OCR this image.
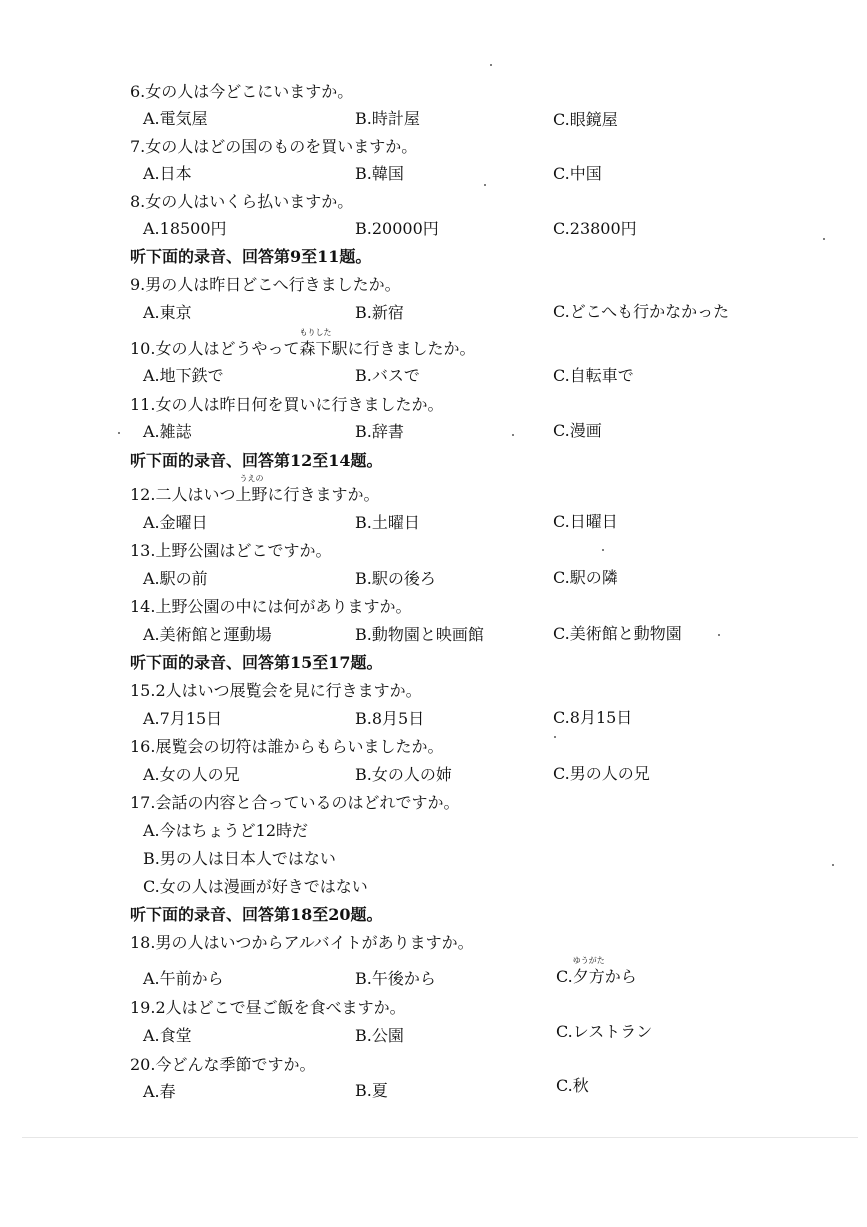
6.女の人は今どこにいますか。
A.電気屋	B.時計屋	C.眼鏡屋
7.女の人はどの国のものを買いますか。
A.日本	B.韓国	C.中国
8.女の人はいくら払いますか。
A.18500円	B.20000円	C.23800円
听下面的录音、回答第9至11题。
9.男の人は昨日どこへ行きましたか。
A.東京	B.新宿	C.どこへも行かなかった
10.女の人はどうやって
もりした
森下駅に行きましたか。
A.地下鉄で	B.バスで	C.自転車で
11.女の人は昨日何を買いに行きましたか。
A.雑誌	B.辞書	C.漫画
听下面的录音、回答第12至14题。
12.二人はいつ
うえの
上野に行きますか。
A.金曜日	B.土曜日	C.日曜日
13.上野公園はどこですか。
A.駅の前	B.駅の後ろ	C.駅の隣
14.上野公園の中には何がありますか。
A.美術館と運動場	B.動物園と映画館	C.美術館と動物園
听下面的录音、回答第15至17题。
15.2人はいつ展覧会を見に行きますか。
A.7月15日	B.8月5日	C.8月15日
16.展覧会の切符は誰からもらいましたか。
A.女の人の兄	B.女の人の姉	C.男の人の兄
17.会話の内容と合っているのはどれですか。
A.今はちょうど12時だ
B.男の人は日本人ではない
C.女の人は漫画が好きではない
听下面的录音、回答第18至20题。
18.男の人はいつからアルバイトがありますか。
A.午前から	B.午後から	C.
ゆうがた
夕方から
19.2人はどこで昼ご飯を食べますか。
A.食堂	B.公園	C.レストラン
20.今どんな季節ですか。
A.春	B.夏	C.秋
